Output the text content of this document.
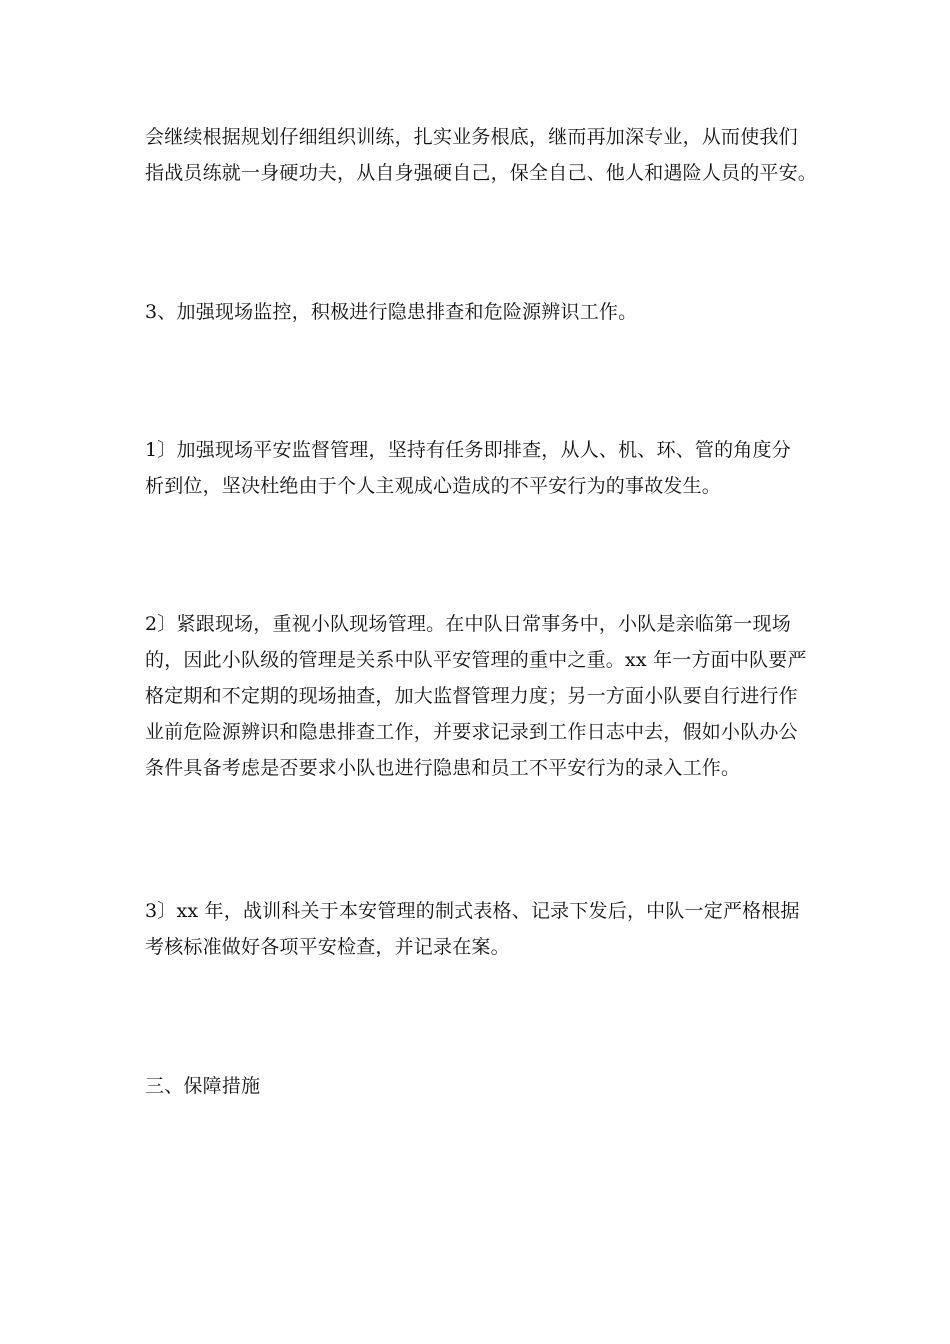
会继续根据规划仔细组织训练，扎实业务根底，继而再加深专业，从而使我们
指战员练就一身硬功夫，从自身强硬自己，保全自己、他人和遇险人员的平安。

3、加强现场监控，积极进行隐患排查和危险源辨识工作。

1〕加强现场平安监督管理，坚持有任务即排查，从人、机、环、管的角度分
析到位，坚决杜绝由于个人主观成心造成的不平安行为的事故发生。

2〕紧跟现场，重视小队现场管理。在中队日常事务中，小队是亲临第一现场
的，因此小队级的管理是关系中队平安管理的重中之重。xx 年一方面中队要严
格定期和不定期的现场抽查，加大监督管理力度；另一方面小队要自行进行作
业前危险源辨识和隐患排查工作，并要求记录到工作日志中去，假如小队办公
条件具备考虑是否要求小队也进行隐患和员工不平安行为的录入工作。

3〕xx 年，战训科关于本安管理的制式表格、记录下发后，中队一定严格根据
考核标准做好各项平安检查，并记录在案。

三、保障措施
